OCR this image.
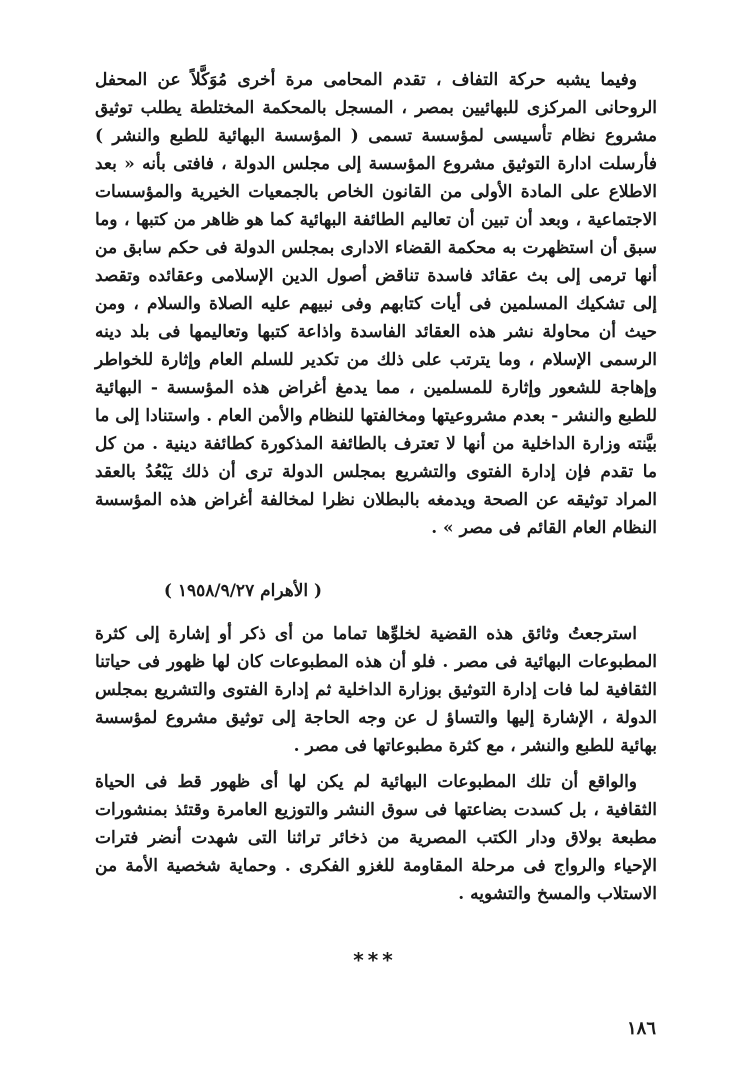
وفيما يشبه حركة التفاف ، تقدم المحامى مرة أخرى مُوَكَّلاً عن المحفل الروحانى المركزى للبهائيين بمصر ، المسجل بالمحكمة المختلطة يطلب توثيق مشروع نظام تأسيسى لمؤسسة تسمى ( المؤسسة البهائية للطبع والنشر ) فأرسلت ادارة التوثيق مشروع المؤسسة إلى مجلس الدولة ، فافتى بأنه « بعد الاطلاع على المادة الأولى من القانون الخاص بالجمعيات الخيرية والمؤسسات الاجتماعية ، وبعد أن تبين أن تعاليم الطائفة البهائية كما هو ظاهر من كتبها ، وما سبق أن استظهرت به محكمة القضاء الادارى بمجلس الدولة فى حكم سابق من أنها ترمى إلى بث عقائد فاسدة تناقض أصول الدين الإسلامى وعقائده وتقصد إلى تشكيك المسلمين فى أيات كتابهم وفى نبيهم عليه الصلاة والسلام ، ومن حيث أن محاولة نشر هذه العقائد الفاسدة واذاعة كتبها وتعاليمها فى بلد دينه الرسمى الإسلام ، وما يترتب على ذلك من تكدير للسلم العام وإثارة للخواطر وإهاجة للشعور وإثارة للمسلمين ، مما يدمغ أغراض هذه المؤسسة - البهائية للطبع والنشر - بعدم مشروعيتها ومخالفتها للنظام والأمن العام . واستنادا إلى ما بيَّنته وزارة الداخلية من أنها لا تعترف بالطائفة المذكورة كطائفة دينية . من كل ما تقدم فإن إدارة الفتوى والتشريع بمجلس الدولة ترى أن ذلك يَبْعُدُ بالعقد المراد توثيقه عن الصحة ويدمغه بالبطلان نظرا لمخالفة أغراض هذه المؤسسة النظام العام القائم فى مصر » .

( الأهرام ١٩٥٨/٩/٢٧ )

استرجعتُ وثائق هذه القضية لخلوِّها تماما من أى ذكر أو إشارة إلى كثرة المطبوعات البهائية فى مصر . فلو أن هذه المطبوعات كان لها ظهور فى حياتنا الثقافية لما فات إدارة التوثيق بوزارة الداخلية ثم إدارة الفتوى والتشريع بمجلس الدولة ، الإشارة إليها والتساؤ ل عن وجه الحاجة إلى توثيق مشروع لمؤسسة بهائية للطبع والنشر ، مع كثرة مطبوعاتها فى مصر .

والواقع أن تلك المطبوعات البهائية لم يكن لها أى ظهور قط فى الحياة الثقافية ، بل كسدت بضاعتها فى سوق النشر والتوزيع العامرة وقتئذ بمنشورات مطبعة بولاق ودار الكتب المصرية من ذخائر تراثنا التى شهدت أنضر فترات الإحياء والرواج فى مرحلة المقاومة للغزو الفكرى . وحماية شخصية الأمة من الاستلاب والمسخ والتشويه .

***
١٨٦
